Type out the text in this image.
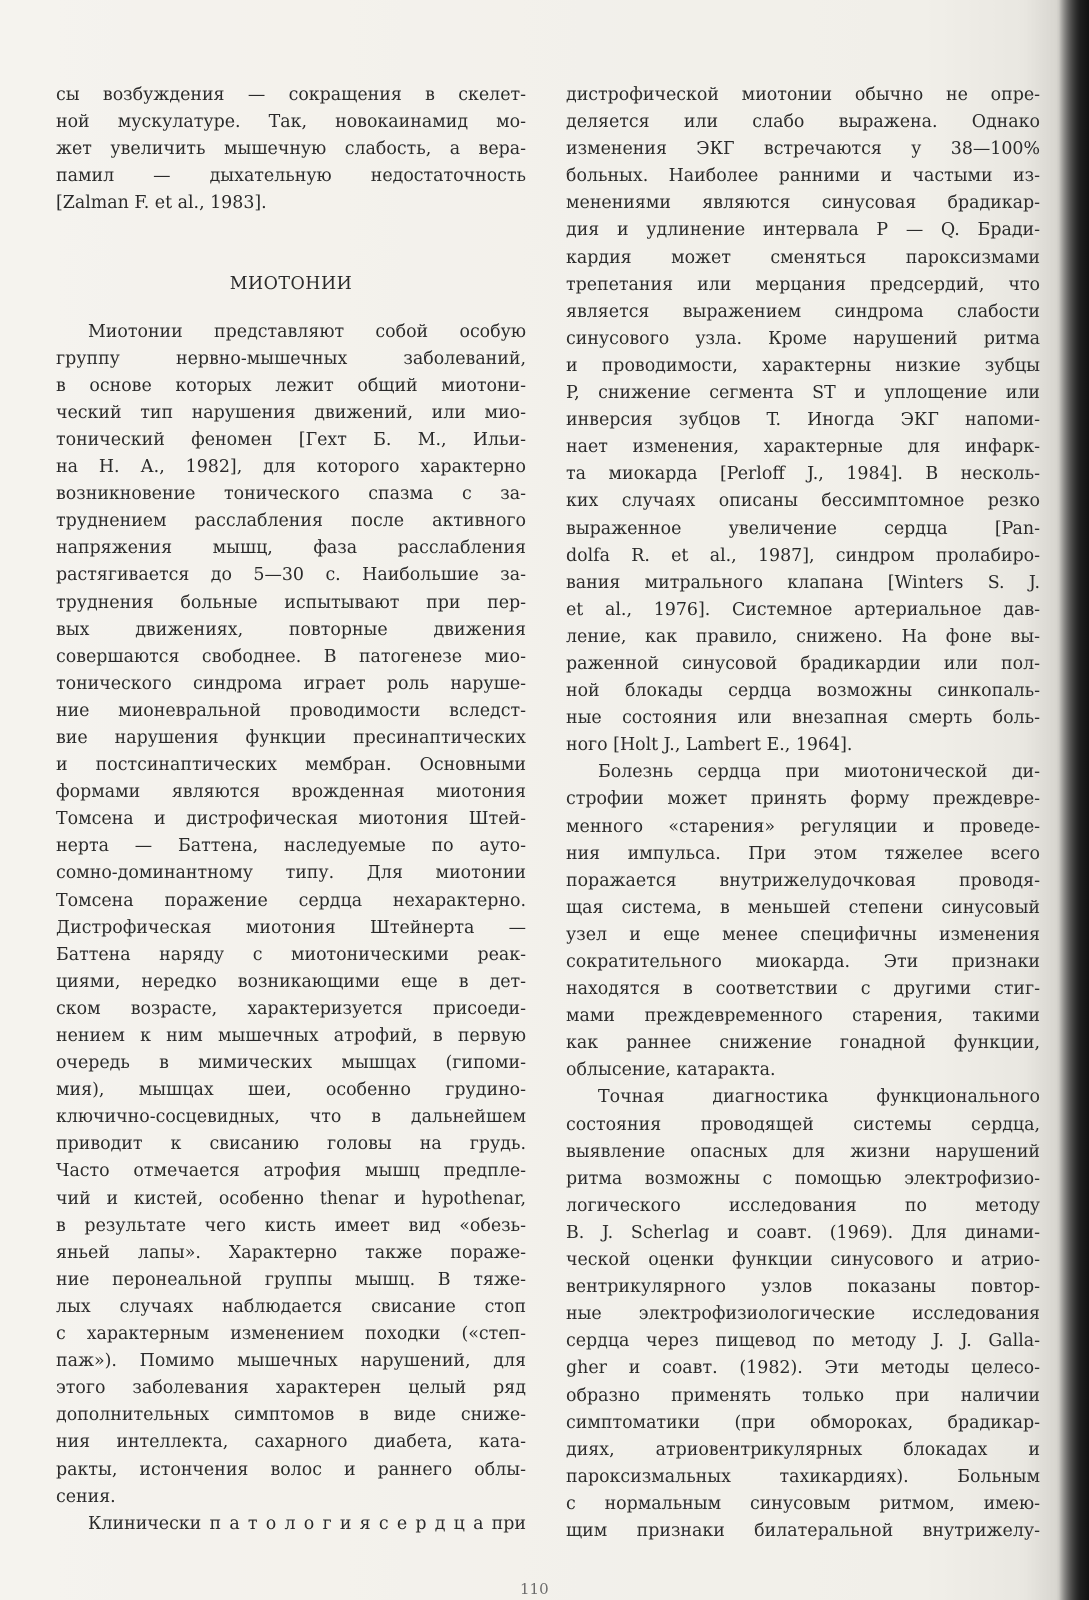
сы возбуждения — сокращения в скелет-
ной мускулатуре. Так, новокаинамид мо-
жет увеличить мышечную слабость, а вера-
памил — дыхательную недостаточность
[Zalman F. et al., 1983].
МИОТОНИИ
Миотонии представляют собой особую
группу нервно-мышечных заболеваний,
в основе которых лежит общий миотони-
ческий тип нарушения движений, или мио-
тонический феномен [Гехт Б. М., Ильи-
на Н. А., 1982], для которого характерно
возникновение тонического спазма с за-
труднением расслабления после активного
напряжения мышц, фаза расслабления
растягивается до 5—30 с. Наибольшие за-
труднения больные испытывают при пер-
вых движениях, повторные движения
совершаются свободнее. В патогенезе мио-
тонического синдрома играет роль наруше-
ние мионевральной проводимости вследст-
вие нарушения функции пресинаптических
и постсинаптических мембран. Основными
формами являются врожденная миотония
Томсена и дистрофическая миотония Штей-
нерта — Баттена, наследуемые по ауто-
сомно-доминантному типу. Для миотонии
Томсена поражение сердца нехарактерно.
Дистрофическая миотония Штейнерта —
Баттена наряду с миотоническими реак-
циями, нередко возникающими еще в дет-
ском возрасте, характеризуется присоеди-
нением к ним мышечных атрофий, в первую
очередь в мимических мышцах (гипоми-
мия), мышцах шеи, особенно грудино-
ключично-сосцевидных, что в дальнейшем
приводит к свисанию головы на грудь.
Часто отмечается атрофия мышц предпле-
чий и кистей, особенно thenar и hypothenar,
в результате чего кисть имеет вид «обезь-
яньей лапы». Характерно также пораже-
ние перонеальной группы мышц. В тяже-
лых случаях наблюдается свисание стоп
с характерным изменением походки («степ-
паж»). Помимо мышечных нарушений, для
этого заболевания характерен целый ряд
дополнительных симптомов в виде сниже-
ния интеллекта, сахарного диабета, ката-
ракты, истончения волос и раннего облы-
сения.
Клинически п а т о л о г и я с е р д ц а при
дистрофической миотонии обычно не опре-
деляется или слабо выражена. Однако
изменения ЭКГ встречаются у 38—100%
больных. Наиболее ранними и частыми из-
менениями являются синусовая брадикар-
дия и удлинение интервала P — Q. Бради-
кардия может сменяться пароксизмами
трепетания или мерцания предсердий, что
является выражением синдрома слабости
синусового узла. Кроме нарушений ритма
и проводимости, характерны низкие зубцы
P, снижение сегмента ST и уплощение или
инверсия зубцов T. Иногда ЭКГ напоми-
нает изменения, характерные для инфарк-
та миокарда [Perloff J., 1984]. В несколь-
ких случаях описаны бессимптомное резко
выраженное увеличение сердца [Pan-
dolfa R. et al., 1987], синдром пролабиро-
вания митрального клапана [Winters S. J.
et al., 1976]. Системное артериальное дав-
ление, как правило, снижено. На фоне вы-
раженной синусовой брадикардии или пол-
ной блокады сердца возможны синкопаль-
ные состояния или внезапная смерть боль-
ного [Holt J., Lambert E., 1964].
Болезнь сердца при миотонической ди-
строфии может принять форму преждевре-
менного «старения» регуляции и проведе-
ния импульса. При этом тяжелее всего
поражается внутрижелудочковая проводя-
щая система, в меньшей степени синусовый
узел и еще менее специфичны изменения
сократительного миокарда. Эти признаки
находятся в соответствии с другими стиг-
мами преждевременного старения, такими
как раннее снижение гонадной функции,
облысение, катаракта.
Точная диагностика функционального
состояния проводящей системы сердца,
выявление опасных для жизни нарушений
ритма возможны с помощью электрофизио-
логического исследования по методу
B. J. Scherlag и соавт. (1969). Для динами-
ческой оценки функции синусового и атрио-
вентрикулярного узлов показаны повтор-
ные электрофизиологические исследования
сердца через пищевод по методу J. J. Galla-
gher и соавт. (1982). Эти методы целесо-
образно применять только при наличии
симптоматики (при обмороках, брадикар-
диях, атриовентрикулярных блокадах и
пароксизмальных тахикардиях). Больным
с нормальным синусовым ритмом, имею-
щим признаки билатеральной внутрижелу-
110
